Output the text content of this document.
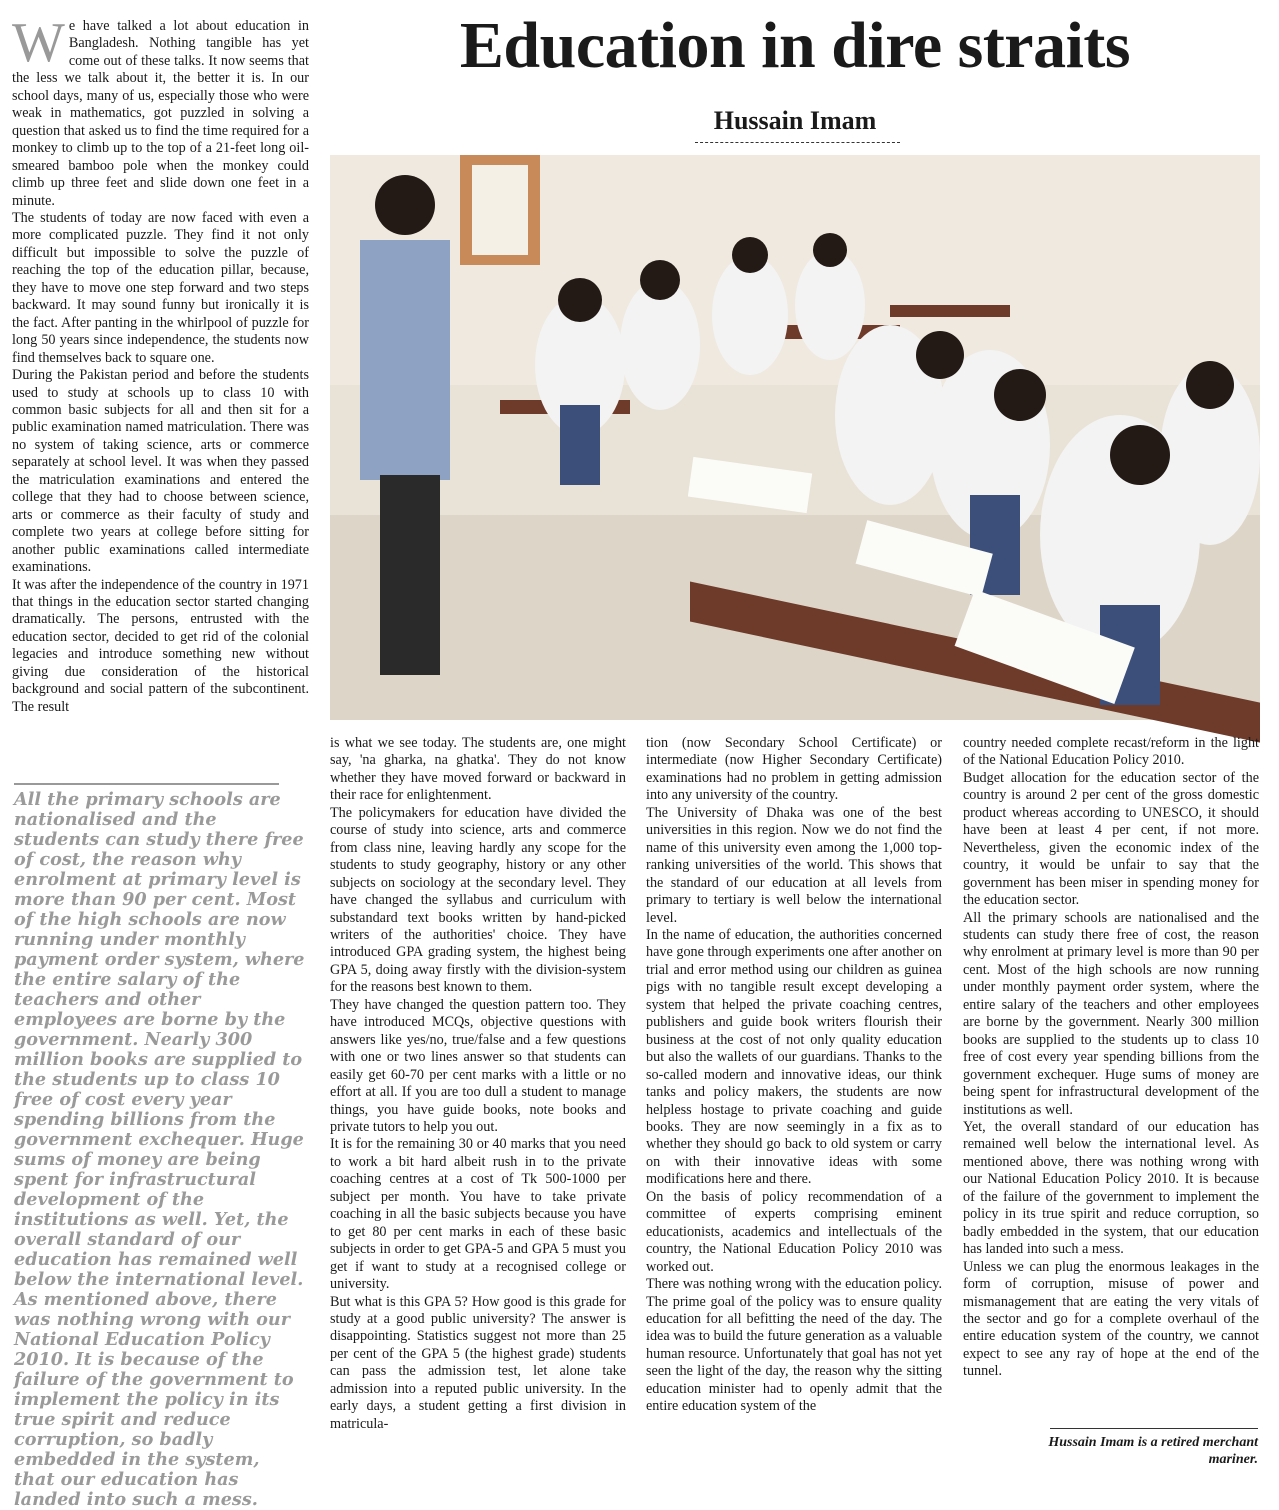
W e have talked a lot about education in Bangladesh. Nothing tangible has yet come out of these talks. It now seems that the less we talk about it, the better it is. In our school days, many of us, especially those who were weak in mathematics, got puzzled in solving a question that asked us to find the time required for a monkey to climb up to the top of a 21-feet long oil-smeared bamboo pole when the monkey could climb up three feet and slide down one feet in a minute.

The students of today are now faced with even a more complicated puzzle. They find it not only difficult but impossible to solve the puzzle of reaching the top of the education pillar, because, they have to move one step forward and two steps backward. It may sound funny but ironically it is the fact. After panting in the whirlpool of puzzle for long 50 years since independence, the students now find themselves back to square one.

During the Pakistan period and before the students used to study at schools up to class 10 with common basic subjects for all and then sit for a public examination named matriculation. There was no system of taking science, arts or commerce separately at school level. It was when they passed the matriculation examinations and entered the college that they had to choose between science, arts or commerce as their faculty of study and complete two years at college before sitting for another public examinations called intermediate examinations.

It was after the independence of the country in 1971 that things in the education sector started changing dramatically. The persons, entrusted with the education sector, decided to get rid of the colonial legacies and introduce something new without giving due consideration of the historical background and social pattern of the subcontinent. The result

Education in dire straits
Hussain Imam
All the primary schools are nationalised and the students can study there free of cost, the reason why enrolment at primary level is more than 90 per cent. Most of the high schools are now running under monthly payment order system, where the entire salary of the teachers and other employees are borne by the government. Nearly 300 million books are supplied to the students up to class 10 free of cost every year spending billions from the government exchequer. Huge sums of money are being spent for infrastructural development of the institutions as well. Yet, the overall standard of our education has remained well below the international level. As mentioned above, there was nothing wrong with our National Education Policy 2010. It is because of the failure of the government to implement the policy in its true spirit and reduce corruption, so badly embedded in the system, that our education has landed into such a mess.

is what we see today. The students are, one might say, 'na gharka, na ghatka'. They do not know whether they have moved forward or backward in their race for enlightenment.

The policymakers for education have divided the course of study into science, arts and commerce from class nine, leaving hardly any scope for the students to study geography, history or any other subjects on sociology at the secondary level. They have changed the syllabus and curriculum with substandard text books written by hand-picked writers of the authorities' choice. They have introduced GPA grading system, the highest being GPA 5, doing away firstly with the division-system for the reasons best known to them.

They have changed the question pattern too. They have introduced MCQs, objective questions with answers like yes/no, true/false and a few questions with one or two lines answer so that students can easily get 60-70 per cent marks with a little or no effort at all. If you are too dull a student to manage things, you have guide books, note books and private tutors to help you out.

It is for the remaining 30 or 40 marks that you need to work a bit hard albeit rush in to the private coaching centres at a cost of Tk 500-1000 per subject per month. You have to take private coaching in all the basic subjects because you have to get 80 per cent marks in each of these basic subjects in order to get GPA-5 and GPA 5 must you get if want to study at a recognised college or university.

But what is this GPA 5? How good is this grade for study at a good public university? The answer is disappointing. Statistics suggest not more than 25 per cent of the GPA 5 (the highest grade) students can pass the admission test, let alone take admission into a reputed public university. In the early days, a student getting a first division in matricula-

tion (now Secondary School Certificate) or intermediate (now Higher Secondary Certificate) examinations had no problem in getting admission into any university of the country.

The University of Dhaka was one of the best universities in this region. Now we do not find the name of this university even among the 1,000 top-ranking universities of the world. This shows that the standard of our education at all levels from primary to tertiary is well below the international level.

In the name of education, the authorities concerned have gone through experiments one after another on trial and error method using our children as guinea pigs with no tangible result except developing a system that helped the private coaching centres, publishers and guide book writers flourish their business at the cost of not only quality education but also the wallets of our guardians. Thanks to the so-called modern and innovative ideas, our think tanks and policy makers, the students are now helpless hostage to private coaching and guide books. They are now seemingly in a fix as to whether they should go back to old system or carry on with their innovative ideas with some modifications here and there.

On the basis of policy recommendation of a committee of experts comprising eminent educationists, academics and intellectuals of the country, the National Education Policy 2010 was worked out.

There was nothing wrong with the education policy. The prime goal of the policy was to ensure quality education for all befitting the need of the day. The idea was to build the future generation as a valuable human resource. Unfortunately that goal has not yet seen the light of the day, the reason why the sitting education minister had to openly admit that the entire education system of the

country needed complete recast/reform in the light of the National Education Policy 2010.

Budget allocation for the education sector of the country is around 2 per cent of the gross domestic product whereas according to UNESCO, it should have been at least 4 per cent, if not more. Nevertheless, given the economic index of the country, it would be unfair to say that the government has been miser in spending money for the education sector.

All the primary schools are nationalised and the students can study there free of cost, the reason why enrolment at primary level is more than 90 per cent. Most of the high schools are now running under monthly payment order system, where the entire salary of the teachers and other employees are borne by the government. Nearly 300 million books are supplied to the students up to class 10 free of cost every year spending billions from the government exchequer. Huge sums of money are being spent for infrastructural development of the institutions as well.

Yet, the overall standard of our education has remained well below the international level. As mentioned above, there was nothing wrong with our National Education Policy 2010. It is because of the failure of the government to implement the policy in its true spirit and reduce corruption, so badly embedded in the system, that our education has landed into such a mess.

Unless we can plug the enormous leakages in the form of corruption, misuse of power and mismanagement that are eating the very vitals of the sector and go for a complete overhaul of the entire education system of the country, we cannot expect to see any ray of hope at the end of the tunnel.

Hussain Imam is a retired merchant mariner.
